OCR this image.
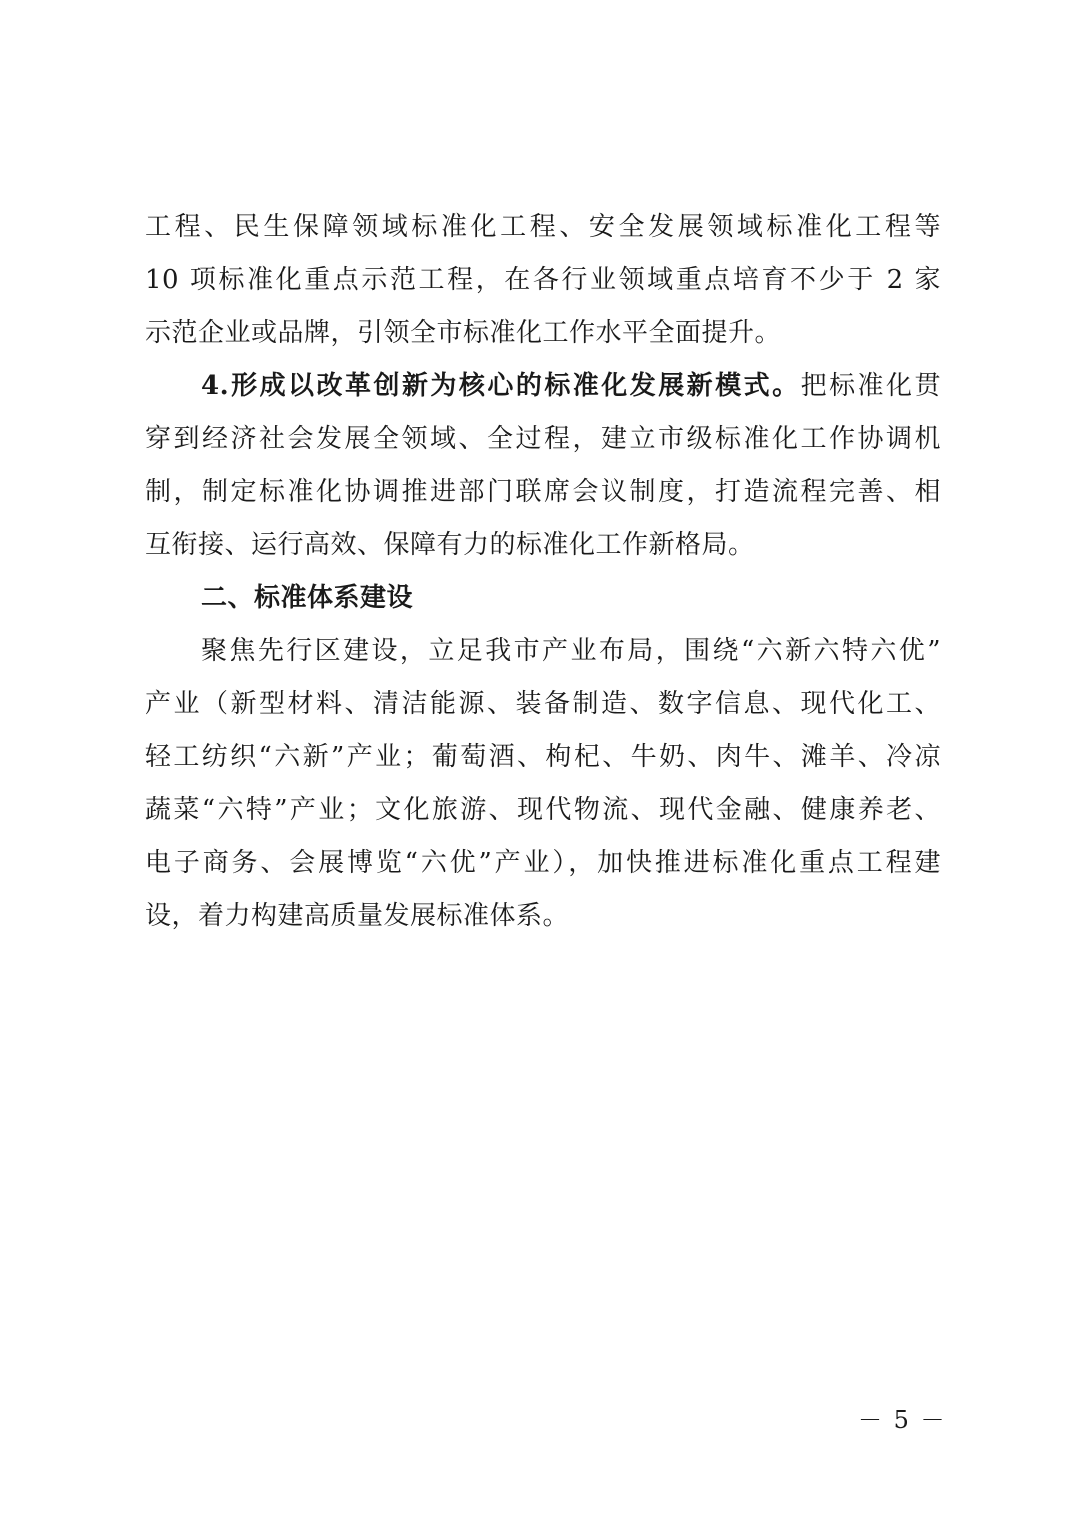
工程、民生保障领域标准化工程、安全发展领域标准化工程等
10 项标准化重点示范工程，在各行业领域重点培育不少于 2 家
示范企业或品牌，引领全市标准化工作水平全面提升。
4.形成以改革创新为核心的标准化发展新模式。把标准化贯
穿到经济社会发展全领域、全过程，建立市级标准化工作协调机
制，制定标准化协调推进部门联席会议制度，打造流程完善、相
互衔接、运行高效、保障有力的标准化工作新格局。
二、标准体系建设
聚焦先行区建设，立足我市产业布局，围绕“六新六特六优”
产业（新型材料、清洁能源、装备制造、数字信息、现代化工、
轻工纺织“六新”产业；葡萄酒、枸杞、牛奶、肉牛、滩羊、冷凉
蔬菜“六特”产业；文化旅游、现代物流、现代金融、健康养老、
电子商务、会展博览“六优”产业），加快推进标准化重点工程建
设，着力构建高质量发展标准体系。
－ 5 －
